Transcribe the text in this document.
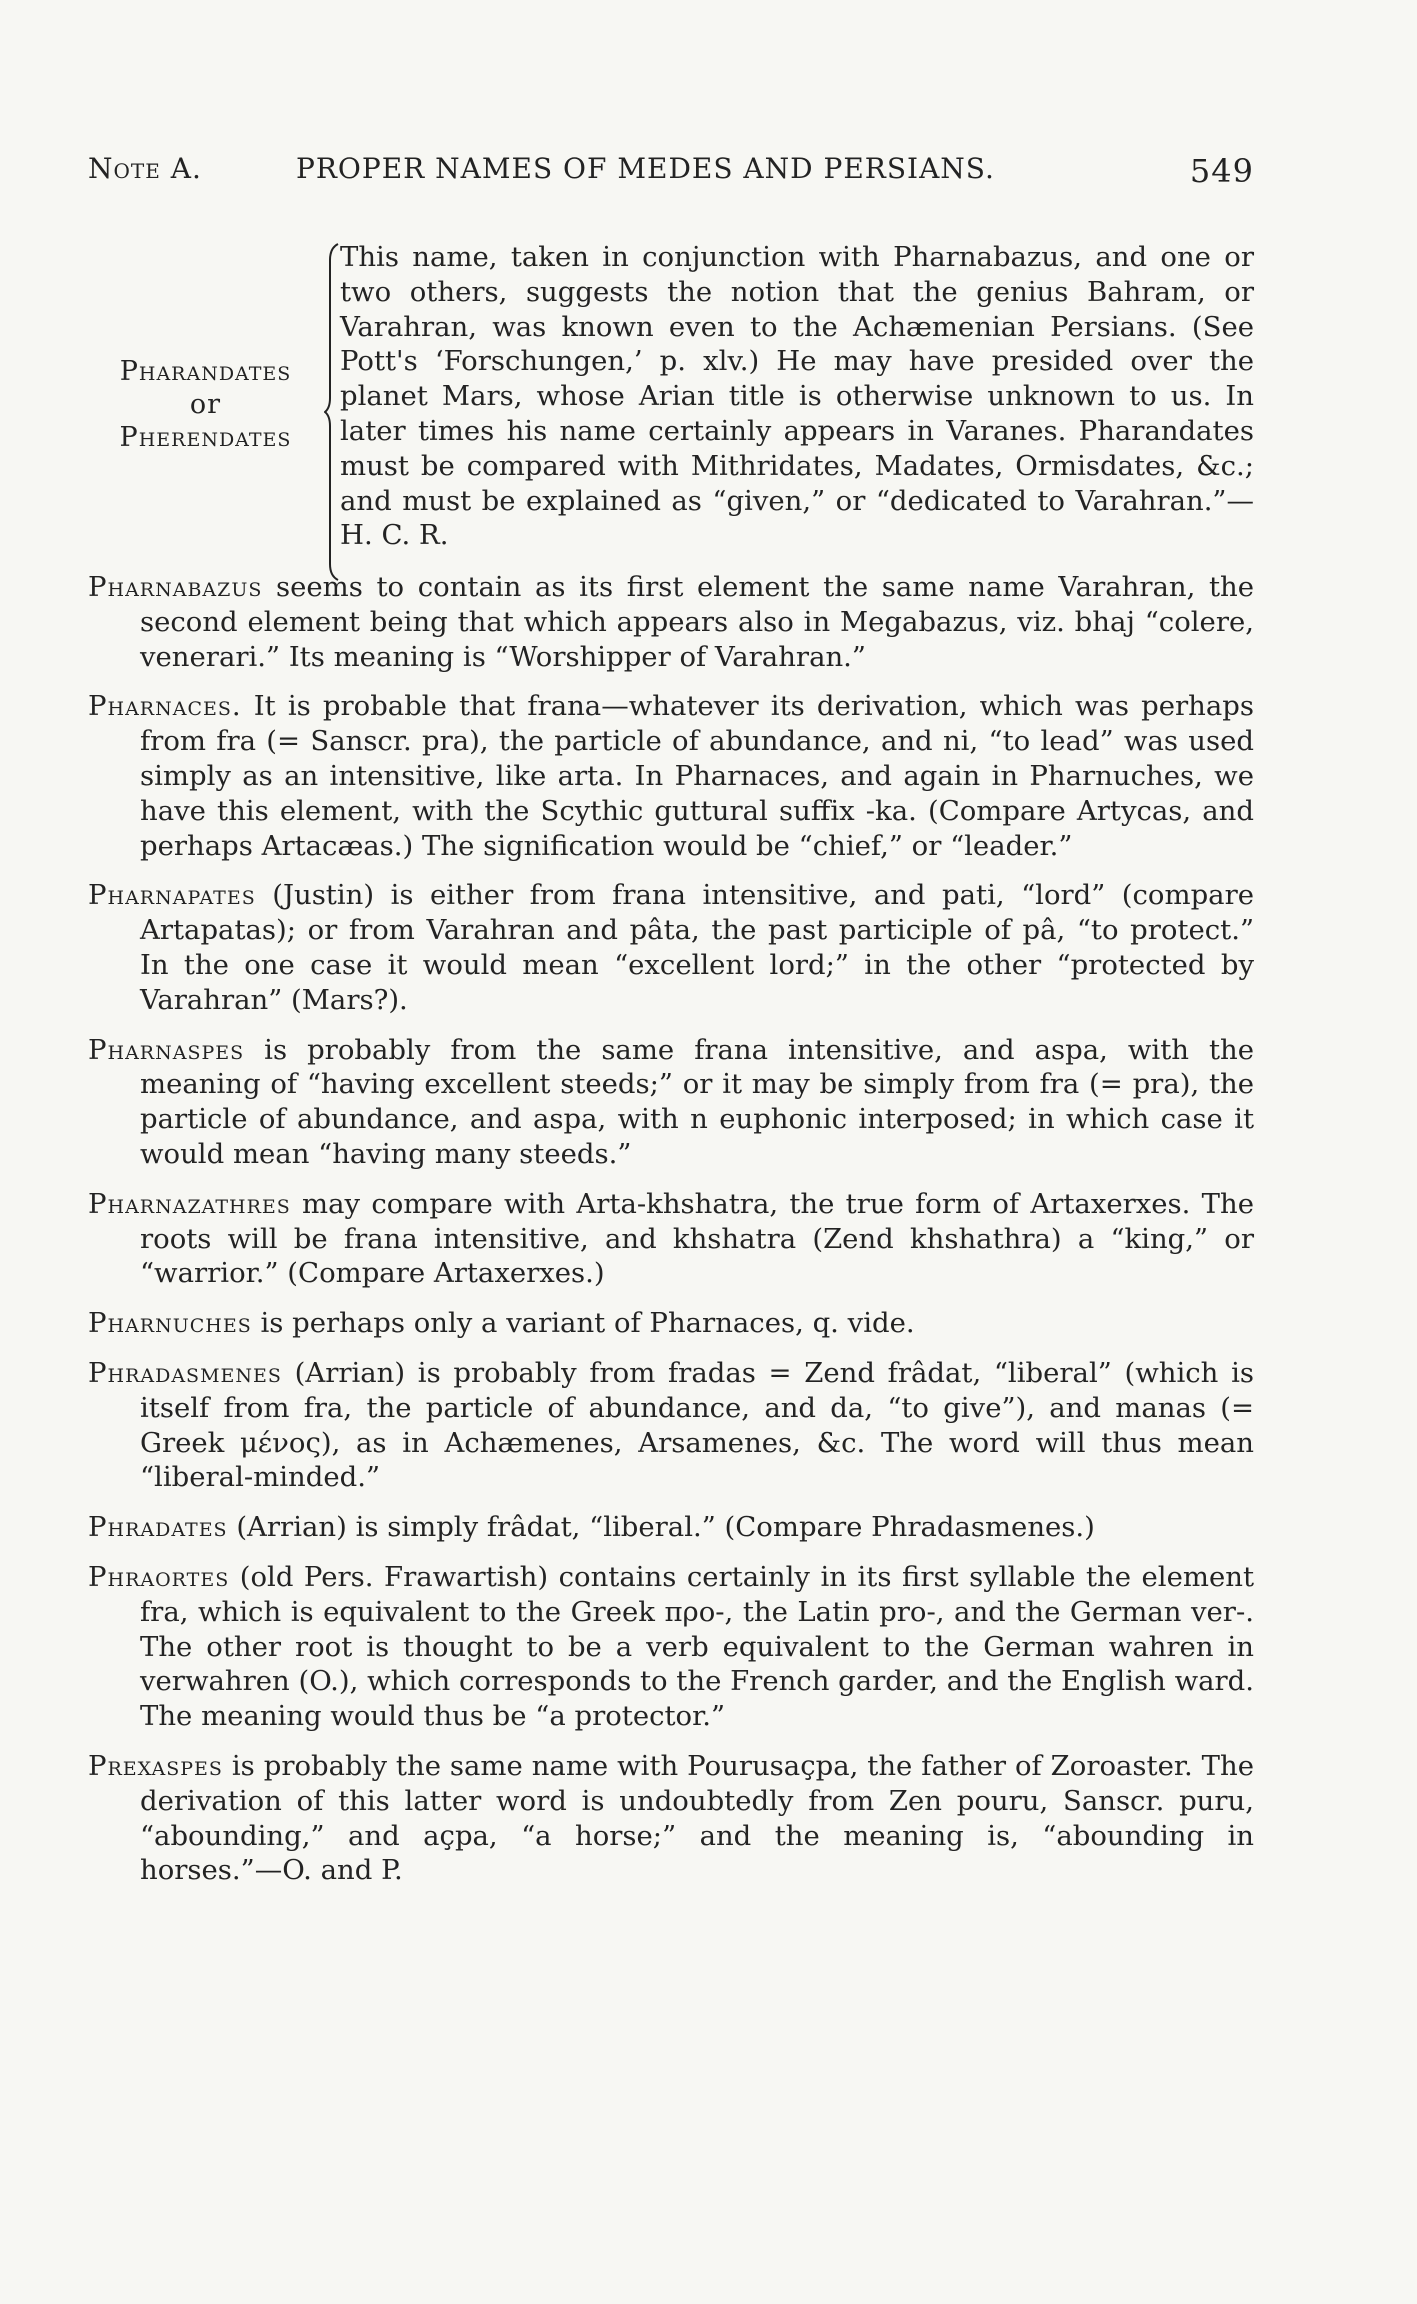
Note A.	PROPER NAMES OF MEDES AND PERSIANS.	549
Pharandates
or
Pherendates
This name, taken in conjunction with Pharnabazus, and one or two others, suggests the notion that the genius Bahram, or Varahran, was known even to the Achæmenian Persians. (See Pott's ‘Forschungen,’ p. xlv.) He may have presided over the planet Mars, whose Arian title is otherwise unknown to us. In later times his name certainly appears in Varanes. Pharandates must be compared with Mithridates, Madates, Ormisdates, &c.; and must be explained as “given,” or “dedicated to Varahran.”—H. C. R.

Pharnabazus seems to contain as its first element the same name Varahran, the second element being that which appears also in Megabazus, viz. bhaj “colere, venerari.” Its meaning is “Worshipper of Varahran.”

Pharnaces. It is probable that frana—whatever its derivation, which was perhaps from fra (= Sanscr. pra), the particle of abundance, and ni, “to lead” was used simply as an intensitive, like arta. In Pharnaces, and again in Pharnuches, we have this element, with the Scythic guttural suffix -ka. (Compare Artycas, and perhaps Artacæas.) The signification would be “chief,” or “leader.”

Pharnapates (Justin) is either from frana intensitive, and pati, “lord” (compare Artapatas); or from Varahran and pâta, the past participle of pâ, “to protect.” In the one case it would mean “excellent lord;” in the other “protected by Varahran” (Mars?).

Pharnaspes is probably from the same frana intensitive, and aspa, with the meaning of “having excellent steeds;” or it may be simply from fra (= pra), the particle of abundance, and aspa, with n euphonic interposed; in which case it would mean “having many steeds.”

Pharnazathres may compare with Arta-khshatra, the true form of Artaxerxes. The roots will be frana intensitive, and khshatra (Zend khshathra) a “king,” or “warrior.” (Compare Artaxerxes.)

Pharnuches is perhaps only a variant of Pharnaces, q. vide.

Phradasmenes (Arrian) is probably from fradas = Zend frâdat, “liberal” (which is itself from fra, the particle of abundance, and da, “to give”), and manas (= Greek μένος), as in Achæmenes, Arsamenes, &c. The word will thus mean “liberal-minded.”

Phradates (Arrian) is simply frâdat, “liberal.” (Compare Phradasmenes.)

Phraortes (old Pers. Frawartish) contains certainly in its first syllable the element fra, which is equivalent to the Greek προ-, the Latin pro-, and the German ver-. The other root is thought to be a verb equivalent to the German wahren in verwahren (O.), which corresponds to the French garder, and the English ward. The meaning would thus be “a protector.”

Prexaspes is probably the same name with Pourusaçpa, the father of Zoroaster. The derivation of this latter word is undoubtedly from Zen pouru, Sanscr. puru, “abounding,” and açpa, “a horse;” and the meaning is, “abounding in horses.”—O. and P.
